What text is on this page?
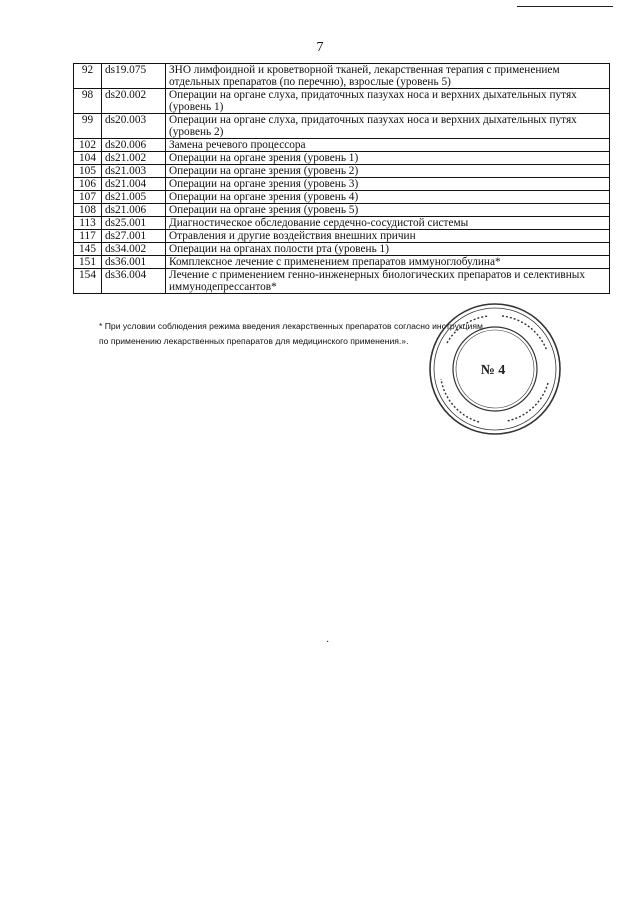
7
92	ds19.075	ЗНО лимфоидной и кроветворной тканей, лекарственная терапия с применением отдельных препаратов (по перечню), взрослые (уровень 5)
98	ds20.002	Операции на органе слуха, придаточных пазухах носа и верхних дыхательных путях (уровень 1)
99	ds20.003	Операции на органе слуха, придаточных пазухах носа и верхних дыхательных путях (уровень 2)
102	ds20.006	Замена речевого процессора
104	ds21.002	Операции на органе зрения (уровень 1)
105	ds21.003	Операции на органе зрения (уровень 2)
106	ds21.004	Операции на органе зрения (уровень 3)
107	ds21.005	Операции на органе зрения (уровень 4)
108	ds21.006	Операции на органе зрения (уровень 5)
113	ds25.001	Диагностическое обследование сердечно-сосудистой системы
117	ds27.001	Отравления и другие воздействия внешних причин
145	ds34.002	Операции на органах полости рта (уровень 1)
151	ds36.001	Комплексное лечение с применением препаратов иммуноглобулина*
154	ds36.004	Лечение с применением генно-инженерных биологических препаратов и селективных иммунодепрессантов*

* При условии соблюдения режима введения лекарственных препаратов согласно инструкциям

по применению лекарственных препаратов для медицинского применения.».

№ 4
·
